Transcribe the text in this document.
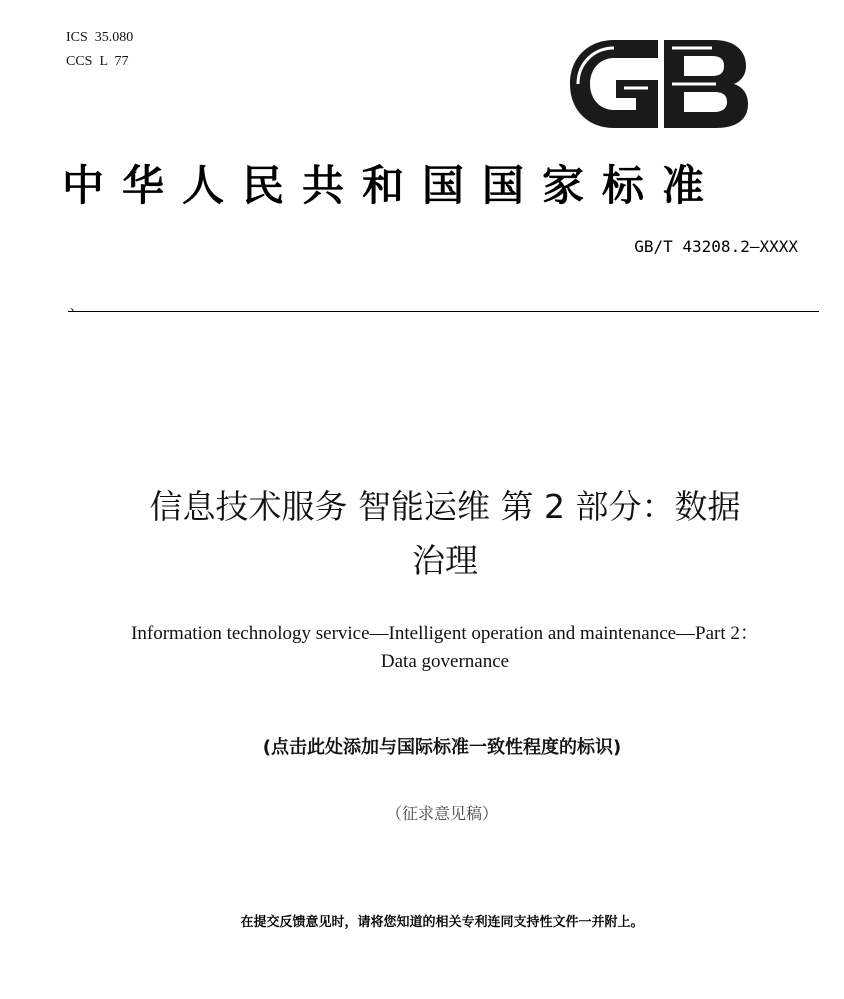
ICS  35.080
CCS  L  77
中华人民共和国国家标准
GB/T 43208.2—XXXX
、
信息技术服务 智能运维 第 2 部分：数据
治理
Information technology service—Intelligent operation and maintenance—Part 2：
Data governance
(点击此处添加与国际标准一致性程度的标识)
（征求意见稿）
在提交反馈意见时，请将您知道的相关专利连同支持性文件一并附上。
